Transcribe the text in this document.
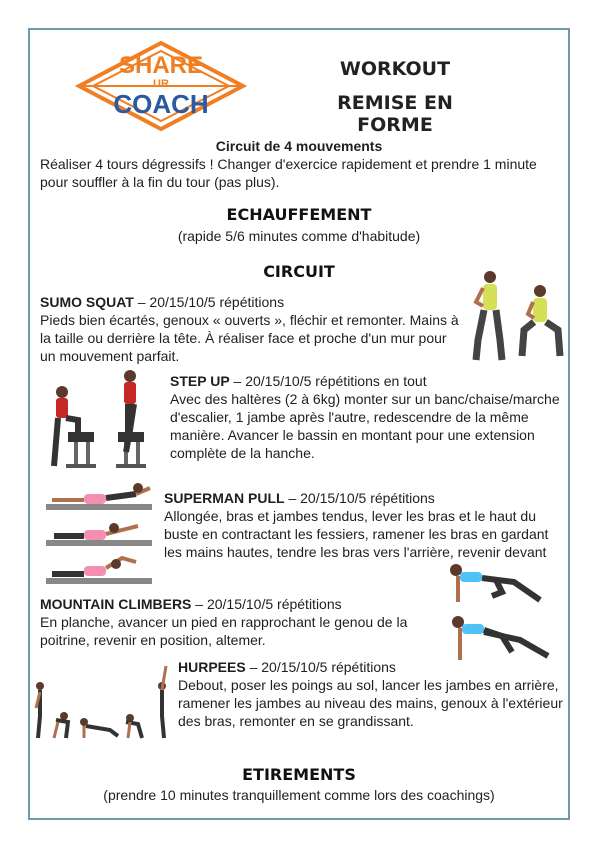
SHARE
UR
COACH
WORKOUT
REMISE EN FORME
Circuit de 4 mouvements
Réaliser 4 tours dégressifs ! Changer d'exercice rapidement et prendre 1 minute pour souffler à la fin du tour (pas plus).
ECHAUFFEMENT
(rapide 5/6 minutes comme d'habitude)
CIRCUIT
SUMO SQUAT – 20/15/10/5 répétitions
Pieds bien écartés, genoux « ouverts », fléchir et remonter. Mains à la taille ou derrière la tête. À réaliser face et proche d'un mur pour un mouvement parfait.
STEP UP – 20/15/10/5 répétitions en tout
Avec des haltères (2 à 6kg) monter sur un banc/chaise/marche d'escalier, 1 jambe après l'autre, redescendre de la même manière. Avancer le bassin en montant pour une extension complète de la hanche.
SUPERMAN PULL – 20/15/10/5 répétitions
Allongée, bras et jambes tendus, lever les bras et le haut du buste en contractant les fessiers, ramener les bras en gardant les mains hautes, tendre les bras vers l'arrière, revenir devant
MOUNTAIN CLIMBERS – 20/15/10/5 répétitions
En planche, avancer un pied en rapprochant le genou de la poitrine, revenir en position, altemer.
HURPEES – 20/15/10/5 répétitions
Debout, poser les poings au sol, lancer les jambes en arrière, ramener les jambes au niveau des mains, genoux à l'extérieur des bras, remonter en se grandissant.
ETIREMENTS
(prendre 10 minutes tranquillement comme lors des coachings)
